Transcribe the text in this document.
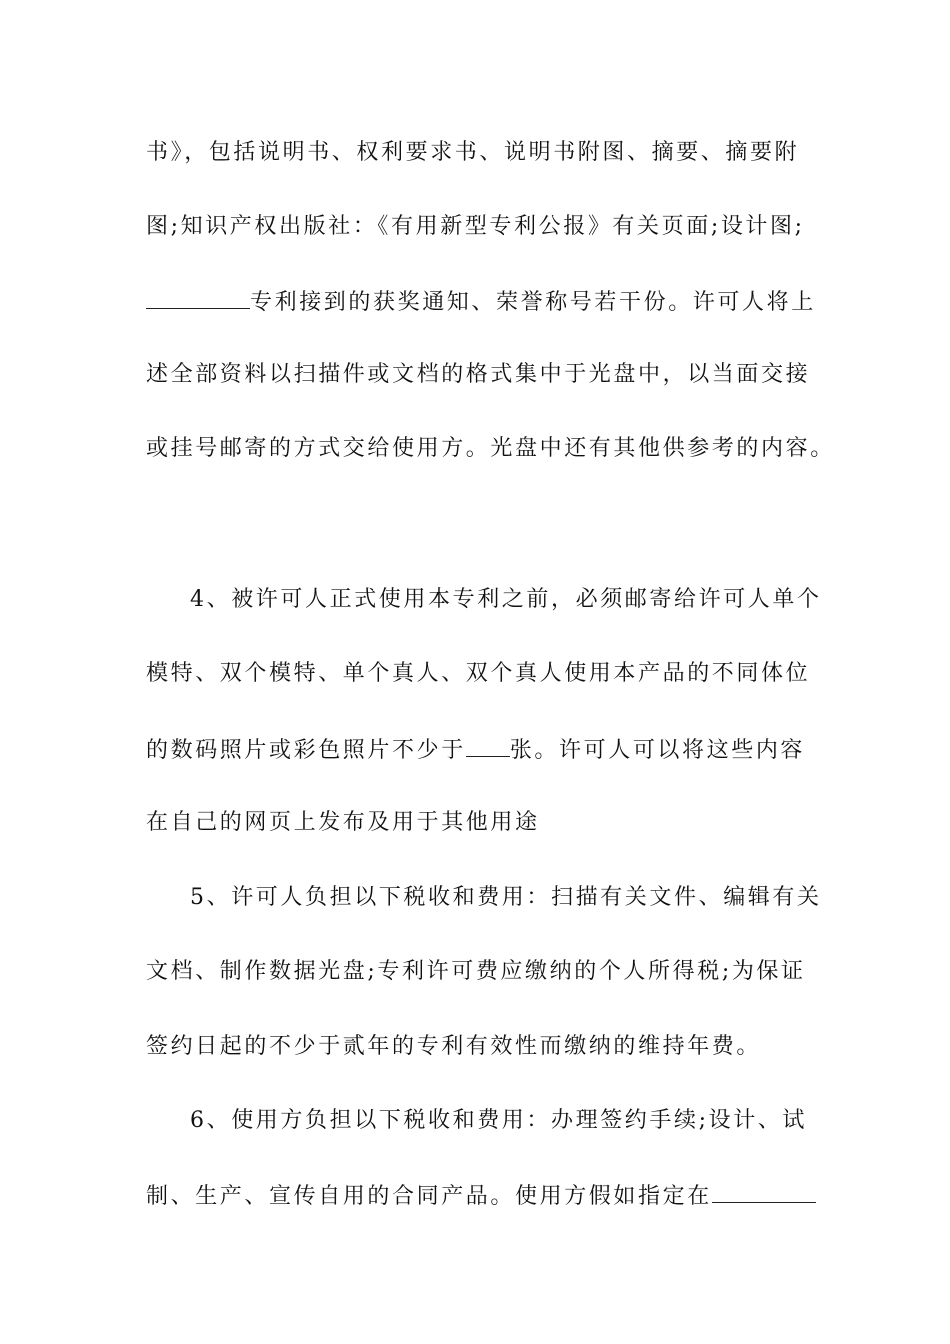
书》，包括说明书、权利要求书、说明书附图、摘要、摘要附
图;知识产权出版社：《有用新型专利公报》有关页面;设计图;
专利接到的获奖通知、荣誉称号若干份。许可人将上
述全部资料以扫描件或文档的格式集中于光盘中，以当面交接
或挂号邮寄的方式交给使用方。光盘中还有其他供参考的内容。
4、被许可人正式使用本专利之前，必须邮寄给许可人单个
模特、双个模特、单个真人、双个真人使用本产品的不同体位
的数码照片或彩色照片不少于 张。许可人可以将这些内容
在自己的网页上发布及用于其他用途
5、许可人负担以下税收和费用：扫描有关文件、编辑有关
文档、制作数据光盘;专利许可费应缴纳的个人所得税;为保证
签约日起的不少于贰年的专利有效性而缴纳的维持年费。
6、使用方负担以下税收和费用：办理签约手续;设计、试
制、生产、宣传自用的合同产品。使用方假如指定在
